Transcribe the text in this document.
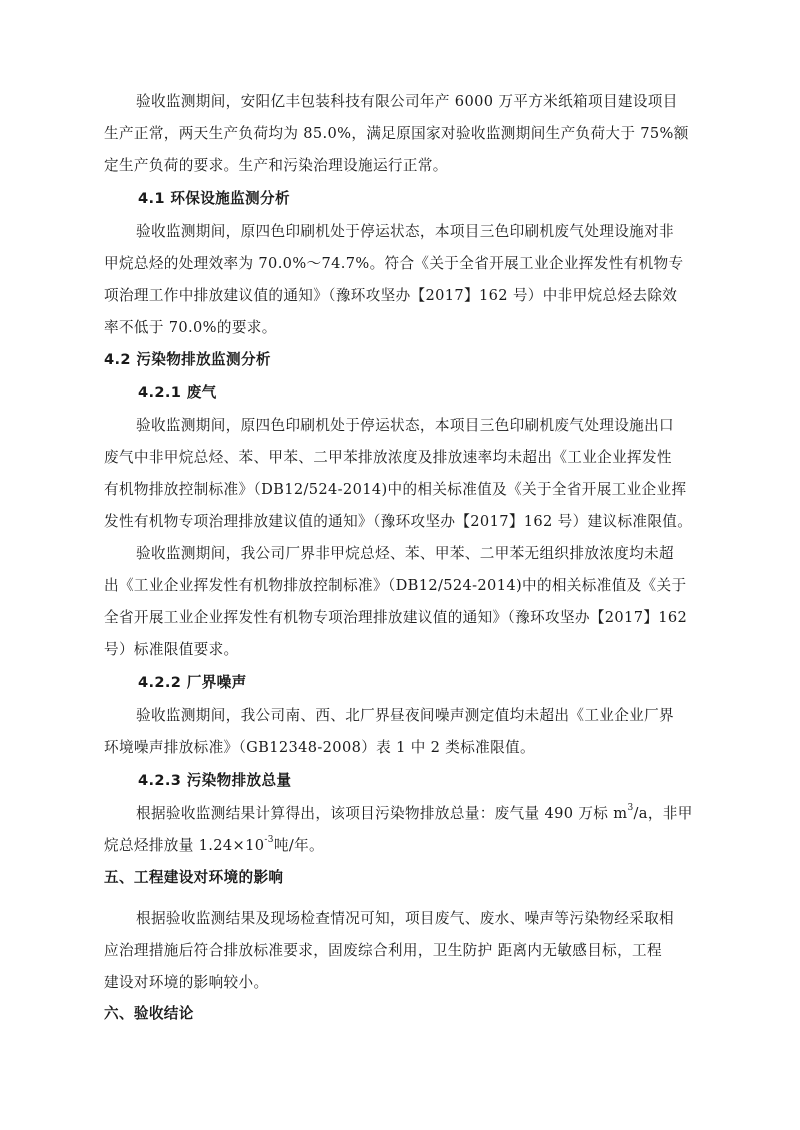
验收监测期间，安阳亿丰包装科技有限公司年产 6000 万平方米纸箱项目建设项目
生产正常，两天生产负荷均为 85.0%，满足原国家对验收监测期间生产负荷大于 75%额
定生产负荷的要求。生产和污染治理设施运行正常。
4.1 环保设施监测分析
验收监测期间，原四色印刷机处于停运状态，本项目三色印刷机废气处理设施对非
甲烷总烃的处理效率为 70.0%～74.7%。符合《关于全省开展工业企业挥发性有机物专
项治理工作中排放建议值的通知》（豫环攻坚办【2017】162 号）中非甲烷总烃去除效
率不低于 70.0%的要求。
4.2 污染物排放监测分析
4.2.1 废气
验收监测期间，原四色印刷机处于停运状态，本项目三色印刷机废气处理设施出口
废气中非甲烷总烃、苯、甲苯、二甲苯排放浓度及排放速率均未超出《工业企业挥发性
有机物排放控制标准》（DB12/524-2014)中的相关标准值及《关于全省开展工业企业挥
发性有机物专项治理排放建议值的通知》（豫环攻坚办【2017】162 号）建议标准限值。
验收监测期间，我公司厂界非甲烷总烃、苯、甲苯、二甲苯无组织排放浓度均未超
出《工业企业挥发性有机物排放控制标准》（DB12/524-2014)中的相关标准值及《关于
全省开展工业企业挥发性有机物专项治理排放建议值的通知》（豫环攻坚办【2017】162
号）标准限值要求。
4.2.2 厂界噪声
验收监测期间，我公司南、西、北厂界昼夜间噪声测定值均未超出《工业企业厂界
环境噪声排放标准》（GB12348-2008）表 1 中 2 类标准限值。
4.2.3 污染物排放总量
根据验收监测结果计算得出，该项目污染物排放总量：废气量 490 万标 $m^3/a$，非甲
烷总烃排放量 $1.24\times 10^{-3}$吨/年。
五、工程建设对环境的影响
根据验收监测结果及现场检查情况可知，项目废气、废水、噪声等污染物经采取相
应治理措施后符合排放标准要求，固废综合利用，卫生防护 距离内无敏感目标，工程
建设对环境的影响较小。
六、验收结论
